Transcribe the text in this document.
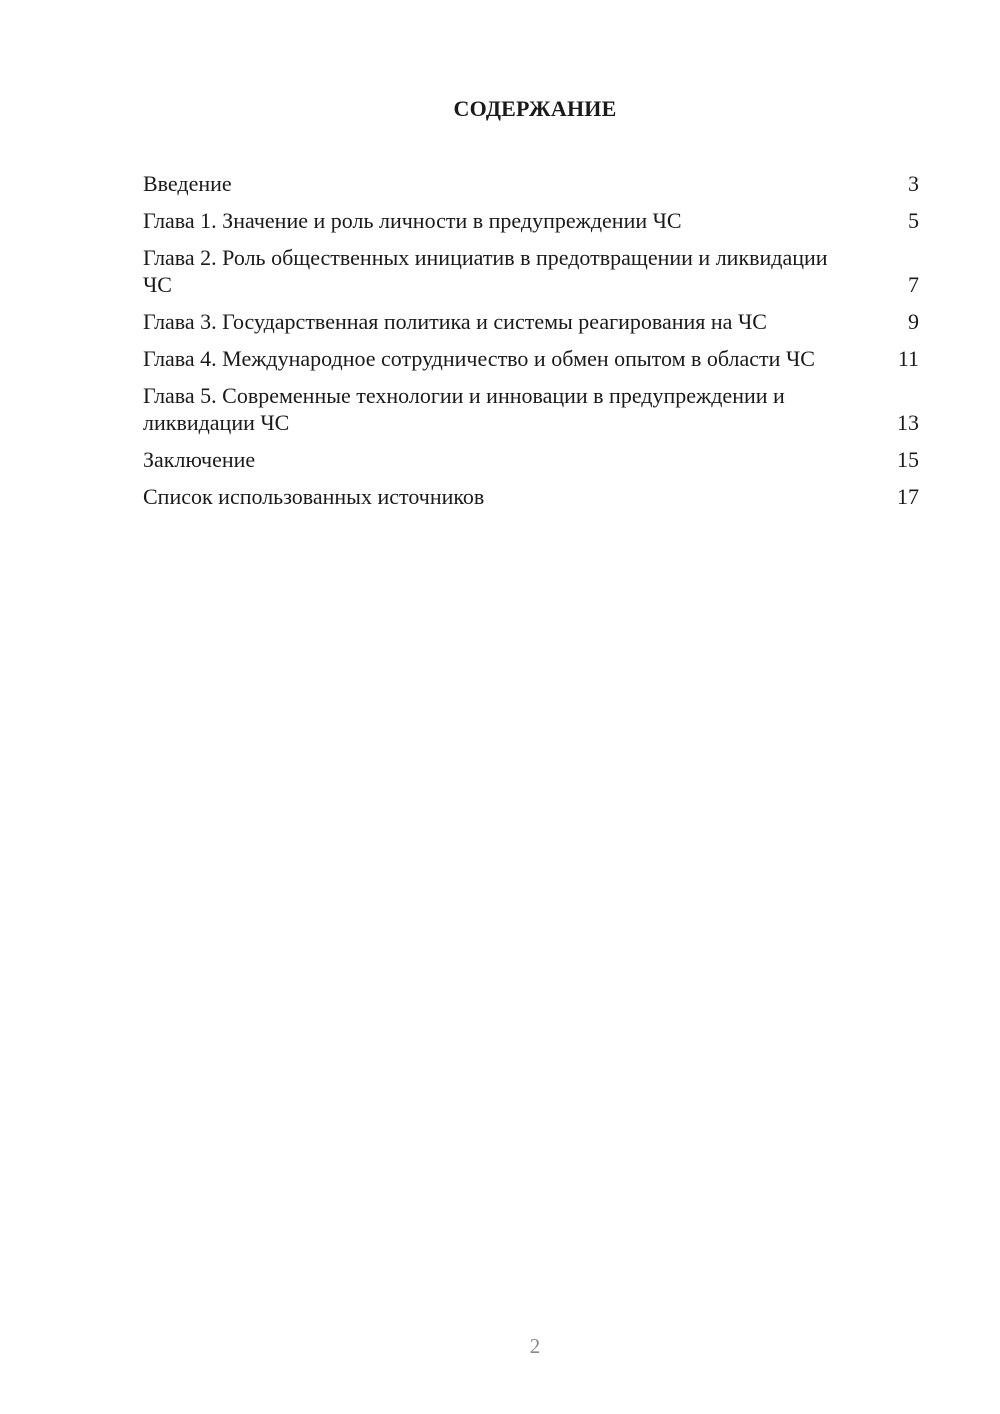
СОДЕРЖАНИЕ
Введение	3
Глава 1. Значение и роль личности в предупреждении ЧС	5
Глава 2. Роль общественных инициатив в предотвращении и ликвидации ЧС	7
Глава 3. Государственная политика и системы реагирования на ЧС	9
Глава 4. Международное сотрудничество и обмен опытом в области ЧС	11
Глава 5. Современные технологии и инновации в предупреждении и ликвидации ЧС	13
Заключение	15
Список использованных источников	17
2
